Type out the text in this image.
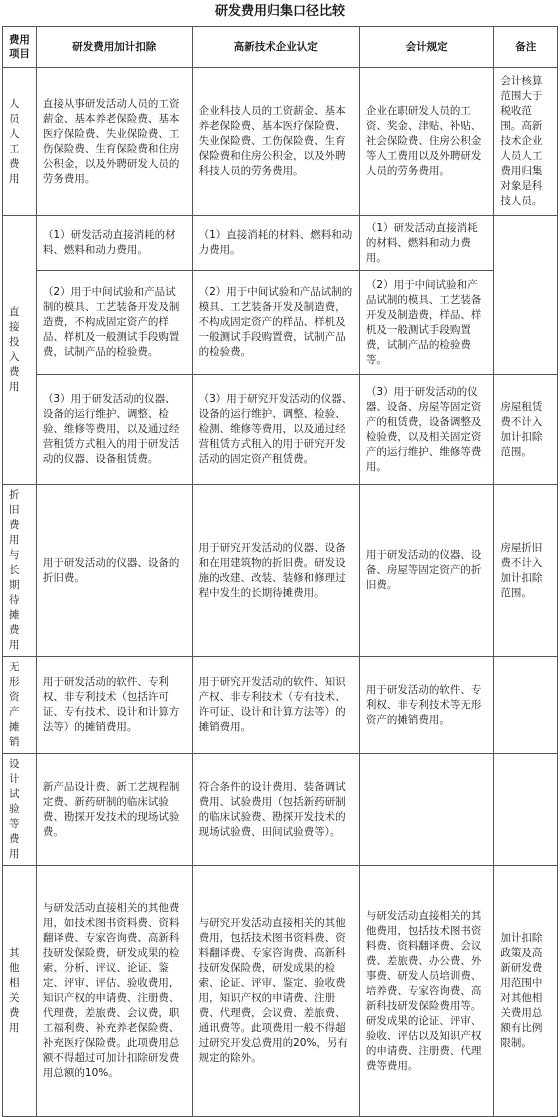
研发费用归集口径比较
费用项目	研发费用加计扣除	高新技术企业认定	会计规定	备注
人员人工费用	直接从事研发活动人员的工资薪金、基本养老保险费、基本医疗保险费、失业保险费、工伤保险费、生育保险费和住房公积金，以及外聘研发人员的劳务费用。	企业科技人员的工资薪金、基本养老保险费、基本医疗保险费、失业保险费、工伤保险费、生育保险费和住房公积金，以及外聘科技人员的劳务费用。	企业在职研发人员的工资、奖金、津贴、补贴、社会保险费、住房公积金等人工费用以及外聘研发人员的劳务费用。	会计核算范围大于税收范围。高新技术企业人员人工费用归集对象是科技人员。
直接投入费用	（1）研发活动直接消耗的材料、燃料和动力费用。	（1）直接消耗的材料、燃料和动力费用。	（1）研发活动直接消耗的材料、燃料和动力费用。	
	（2）用于中间试验和产品试制的模具、工艺装备开发及制造费，不构成固定资产的样品、样机及一般测试手段购置费，试制产品的检验费。	（2）用于中间试验和产品试制的模具、工艺装备开发及制造费，不构成固定资产的样品、样机及一般测试手段购置费，试制产品的检验费。	（2）用于中间试验和产品试制的模具、工艺装备开发及制造费，样品、样机及一般测试手段购置费，试制产品的检验费等。	
	（3）用于研发活动的仪器、设备的运行维护、调整、检验、维修等费用，以及通过经营租赁方式租入的用于研发活动的仪器、设备租赁费。	（3）用于研究开发活动的仪器、设备的运行维护、调整、检验、检测、维修等费用，以及通过经营租赁方式租入的用于研究开发活动的固定资产租赁费。	（3）用于研发活动的仪器、设备、房屋等固定资产的租赁费，设备调整及检验费，以及相关固定资产的运行维护、维修等费用。	房屋租赁费不计入加计扣除范围。
折旧费用与长期待摊费用	用于研发活动的仪器、设备的折旧费。	用于研究开发活动的仪器、设备和在用建筑物的折旧费。研发设施的改建、改装、装修和修理过程中发生的长期待摊费用。	用于研发活动的仪器、设备、房屋等固定资产的折旧费。	房屋折旧费不计入加计扣除范围。
无形资产摊销	用于研发活动的软件、专利权、非专利技术（包括许可证、专有技术、设计和计算方法等）的摊销费用。	用于研究开发活动的软件、知识产权、非专利技术（专有技术、许可证、设计和计算方法等）的摊销费用。	用于研发活动的软件、专利权、非专利技术等无形资产的摊销费用。	
设计试验等费用	新产品设计费、新工艺规程制定费、新药研制的临床试验费、勘探开发技术的现场试验费。	符合条件的设计费用、装备调试费用、试验费用（包括新药研制的临床试验费、勘探开发技术的现场试验费、田间试验费等）。		
其他相关费用	与研发活动直接相关的其他费用，如技术图书资料费、资料翻译费、专家咨询费、高新科技研发保险费，研发成果的检索、分析、评议、论证、鉴定、评审、评估、验收费用，知识产权的申请费、注册费、代理费，差旅费、会议费，职工福利费、补充养老保险费、补充医疗保险费。此项费用总额不得超过可加计扣除研发费用总额的10%。	与研究开发活动直接相关的其他费用，包括技术图书资料费、资料翻译费、专家咨询费、高新科技研发保险费，研发成果的检索、论证、评审、鉴定、验收费用，知识产权的申请费、注册费、代理费，会议费、差旅费、通讯费等。此项费用一般不得超过研究开发总费用的20%，另有规定的除外。	与研发活动直接相关的其他费用，包括技术图书资料费、资料翻译费、会议费、差旅费、办公费、外事费、研发人员培训费、培养费、专家咨询费、高新科技研发保险费用等。研发成果的论证、评审、验收、评估以及知识产权的申请费、注册费、代理费等费用。	加计扣除政策及高新研发费用范围中对其他相关费用总额有比例限制。
